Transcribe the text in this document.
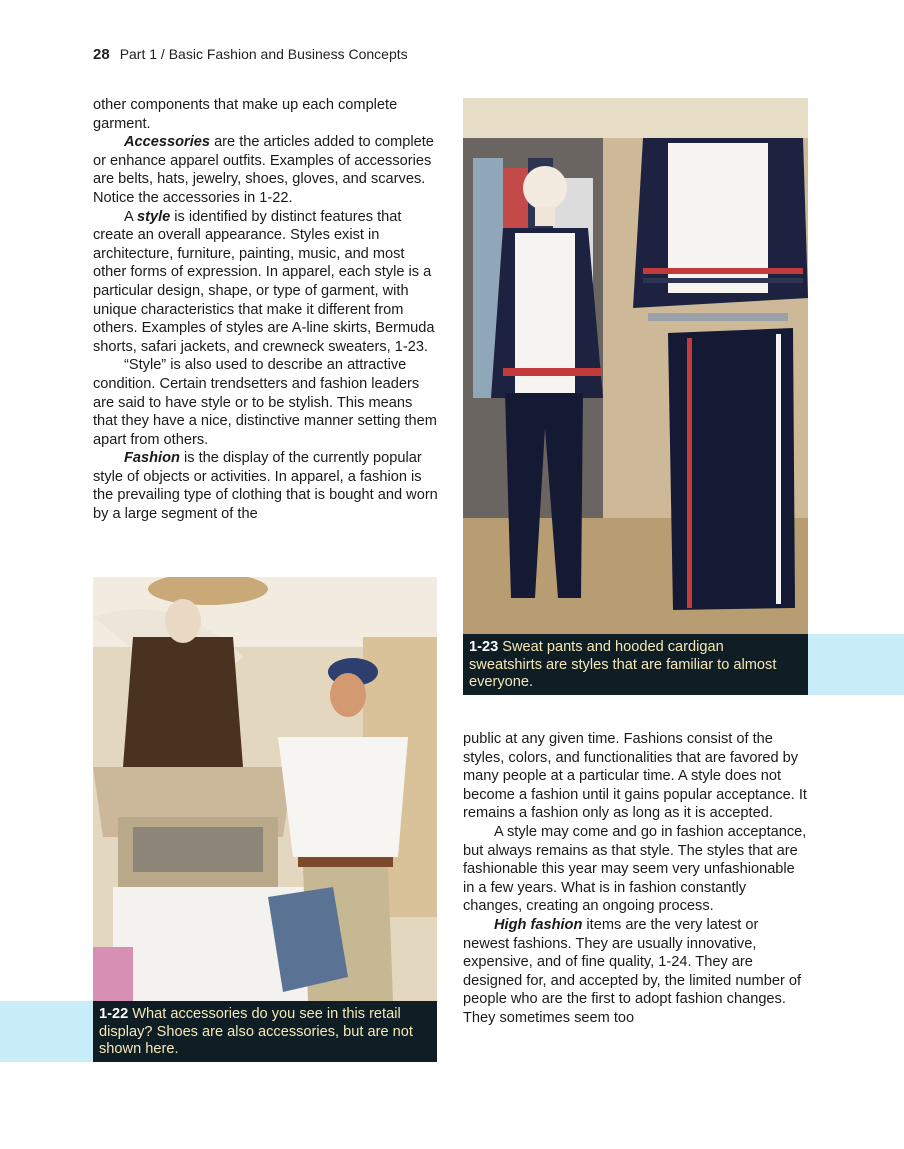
28 Part 1 / Basic Fashion and Business Concepts

other components that make up each complete garment.

Accessories are the articles added to complete or enhance apparel outfits. Examples of accessories are belts, hats, jewelry, shoes, gloves, and scarves. Notice the accessories in 1-22.

A style is identified by distinct features that create an overall appearance. Styles exist in architecture, furniture, painting, music, and most other forms of expression. In apparel, each style is a particular design, shape, or type of garment, with unique characteristics that make it different from others. Examples of styles are A-line skirts, Bermuda shorts, safari jackets, and crewneck sweaters, 1-23.

“Style” is also used to describe an attractive condition. Certain trendsetters and fashion leaders are said to have style or to be stylish. This means that they have a nice, distinctive manner setting them apart from others.

Fashion is the display of the currently popular style of objects or activities. In apparel, a fashion is the prevailing type of clothing that is bought and worn by a large segment of the

1-23 Sweat pants and hooded cardigan sweatshirts are styles that are familiar to almost everyone.
1-22 What accessories do you see in this retail display? Shoes are also accessories, but are not shown here.

public at any given time. Fashions consist of the styles, colors, and functionalities that are favored by many people at a particular time. A style does not become a fashion until it gains popular acceptance. It remains a fashion only as long as it is accepted.

A style may come and go in fashion acceptance, but always remains as that style. The styles that are fashionable this year may seem very unfashionable in a few years. What is in fashion constantly changes, creating an ongoing process.

High fashion items are the very latest or newest fashions. They are usually innovative, expensive, and of fine quality, 1-24. They are designed for, and accepted by, the limited number of people who are the first to adopt fashion changes. They sometimes seem too
